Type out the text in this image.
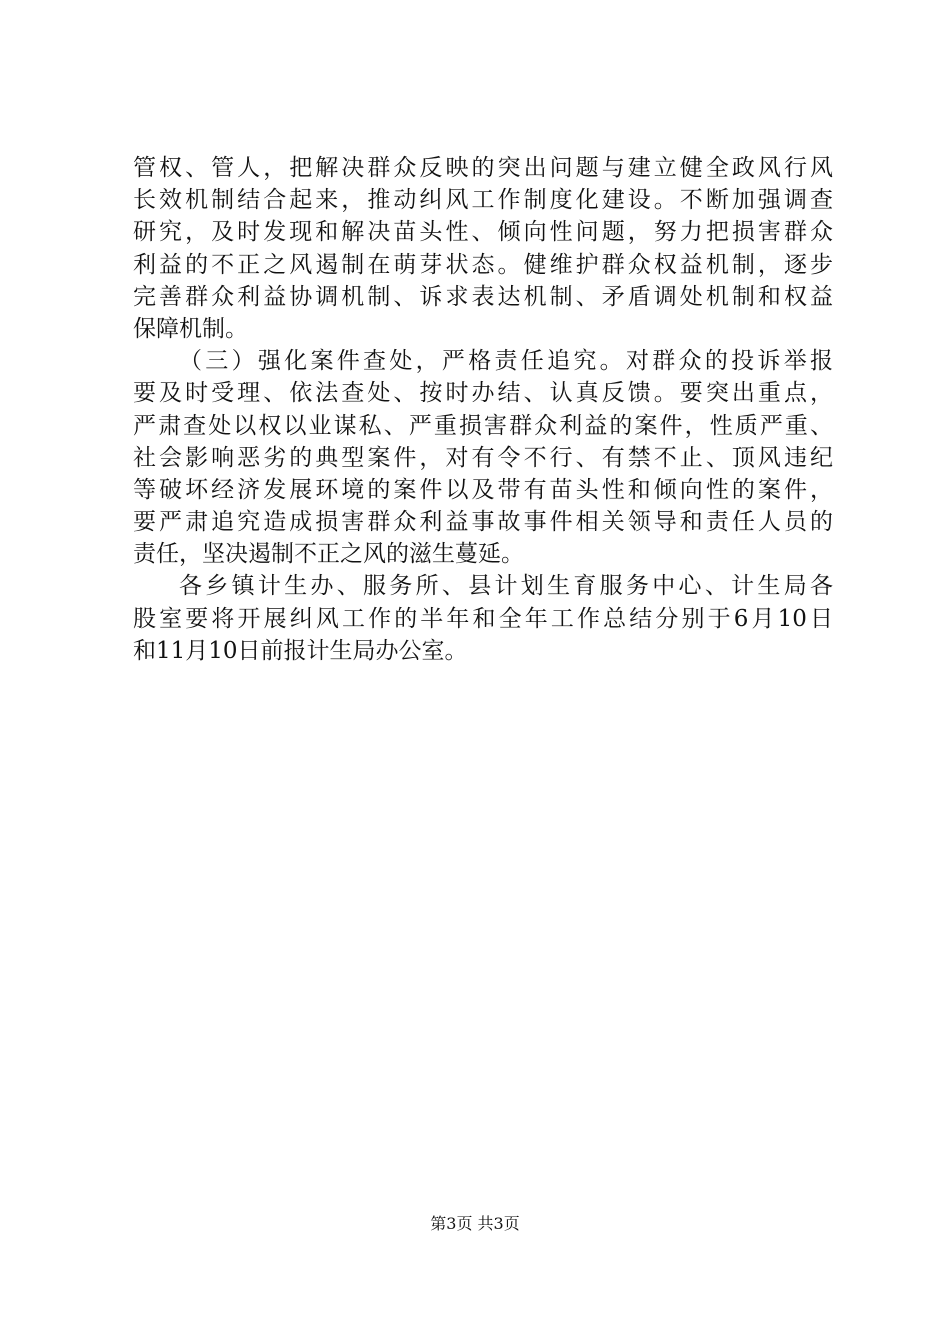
管权、管人，把解决群众反映的突出问题与建立健全政风行风
长效机制结合起来，推动纠风工作制度化建设。不断加强调查
研究，及时发现和解决苗头性、倾向性问题，努力把损害群众
利益的不正之风遏制在萌芽状态。健维护群众权益机制，逐步
完善群众利益协调机制、诉求表达机制、矛盾调处机制和权益
保障机制。
（三）强化案件查处，严格责任追究。对群众的投诉举报
要及时受理、依法查处、按时办结、认真反馈。要突出重点，
严肃查处以权以业谋私、严重损害群众利益的案件，性质严重、
社会影响恶劣的典型案件，对有令不行、有禁不止、顶风违纪
等破坏经济发展环境的案件以及带有苗头性和倾向性的案件，
要严肃追究造成损害群众利益事故事件相关领导和责任人员的
责任，坚决遏制不正之风的滋生蔓延。
各乡镇计生办、服务所、县计划生育服务中心、计生局各
股室要将开展纠风工作的半年和全年工作总结分别于6月10日
和11月10日前报计生局办公室。
第3页 共3页
